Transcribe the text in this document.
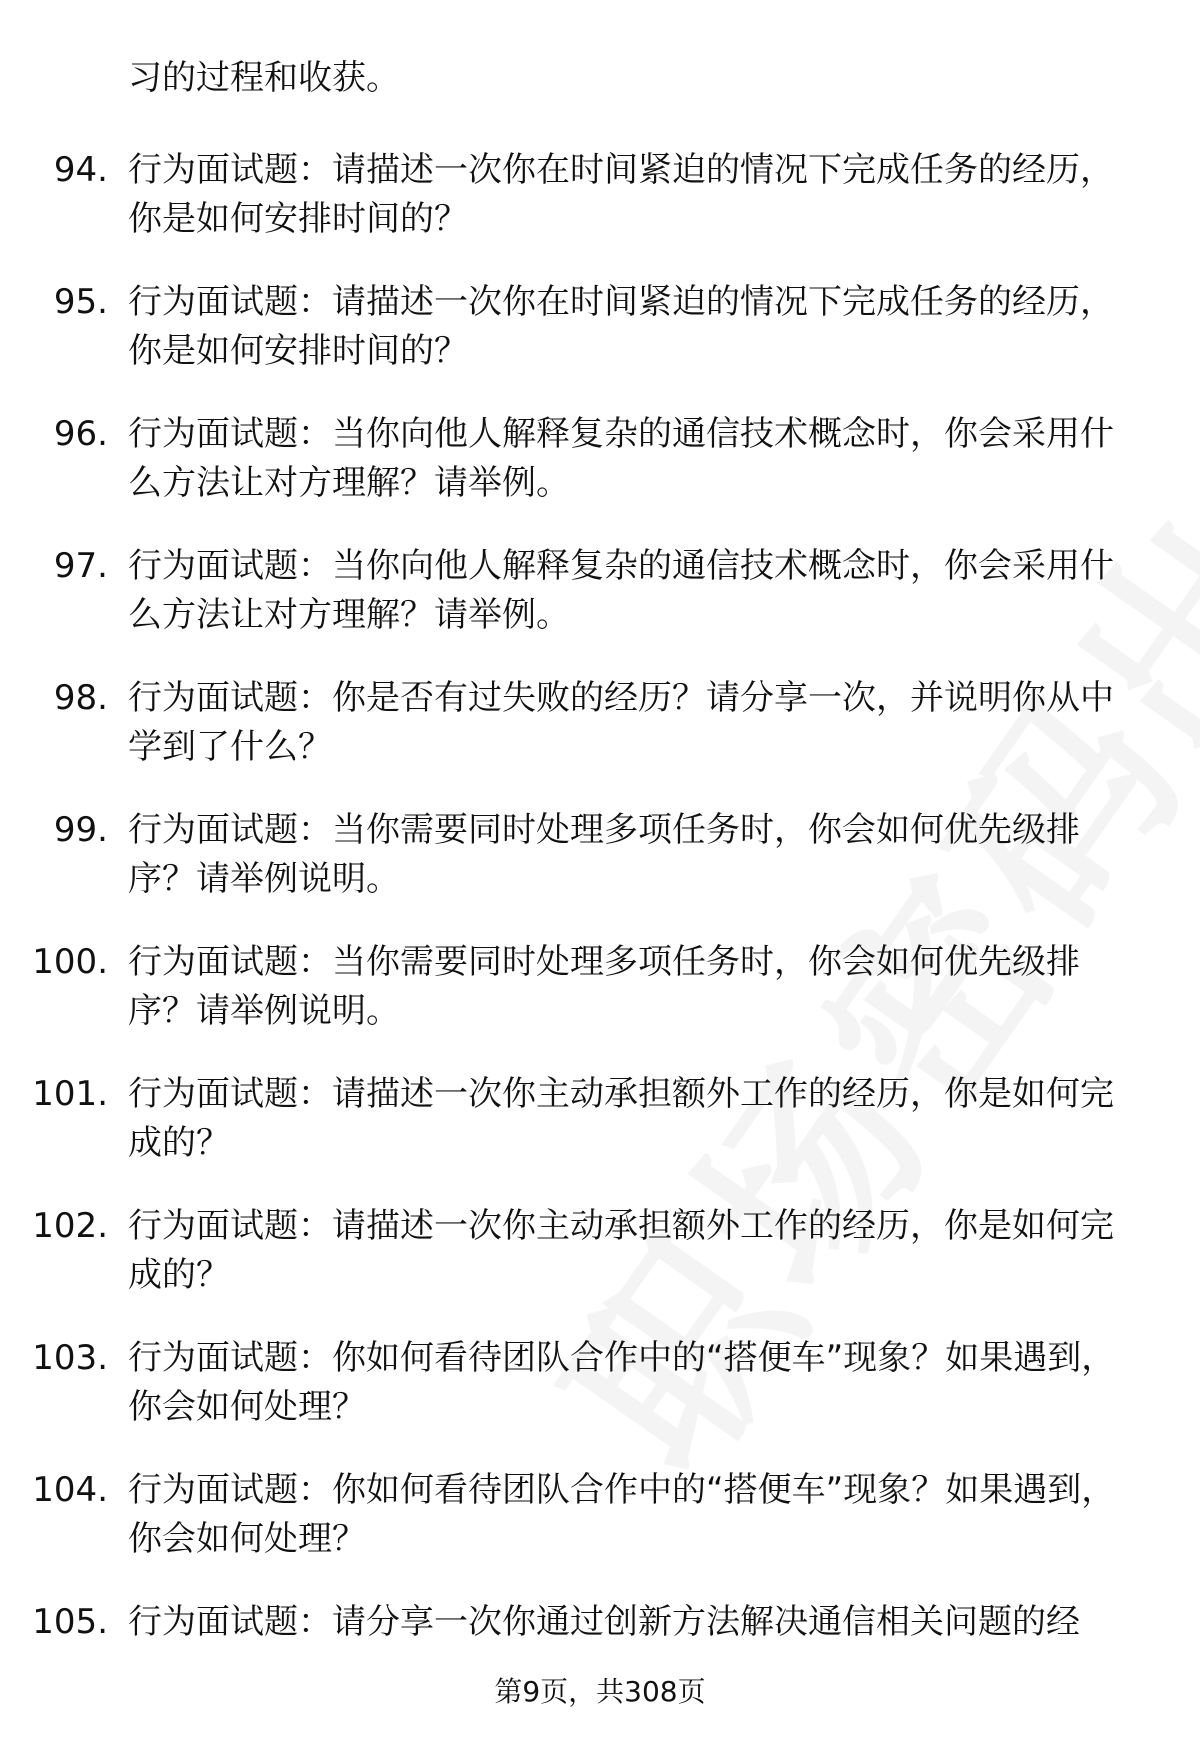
习的过程和收获。
94. 行为面试题：请描述一次你在时间紧迫的情况下完成任务的经历，你是如何安排时间的？
95. 行为面试题：请描述一次你在时间紧迫的情况下完成任务的经历，你是如何安排时间的？
96. 行为面试题：当你向他人解释复杂的通信技术概念时，你会采用什么方法让对方理解？请举例。
97. 行为面试题：当你向他人解释复杂的通信技术概念时，你会采用什么方法让对方理解？请举例。
98. 行为面试题：你是否有过失败的经历？请分享一次，并说明你从中学到了什么？
99. 行为面试题：当你需要同时处理多项任务时，你会如何优先级排序？请举例说明。
100. 行为面试题：当你需要同时处理多项任务时，你会如何优先级排序？请举例说明。
101. 行为面试题：请描述一次你主动承担额外工作的经历，你是如何完成的？
102. 行为面试题：请描述一次你主动承担额外工作的经历，你是如何完成的？
103. 行为面试题：你如何看待团队合作中的“搭便车”现象？如果遇到，你会如何处理？
104. 行为面试题：你如何看待团队合作中的“搭便车”现象？如果遇到，你会如何处理？
105. 行为面试题：请分享一次你通过创新方法解决通信相关问题的经
第9页，共308页
